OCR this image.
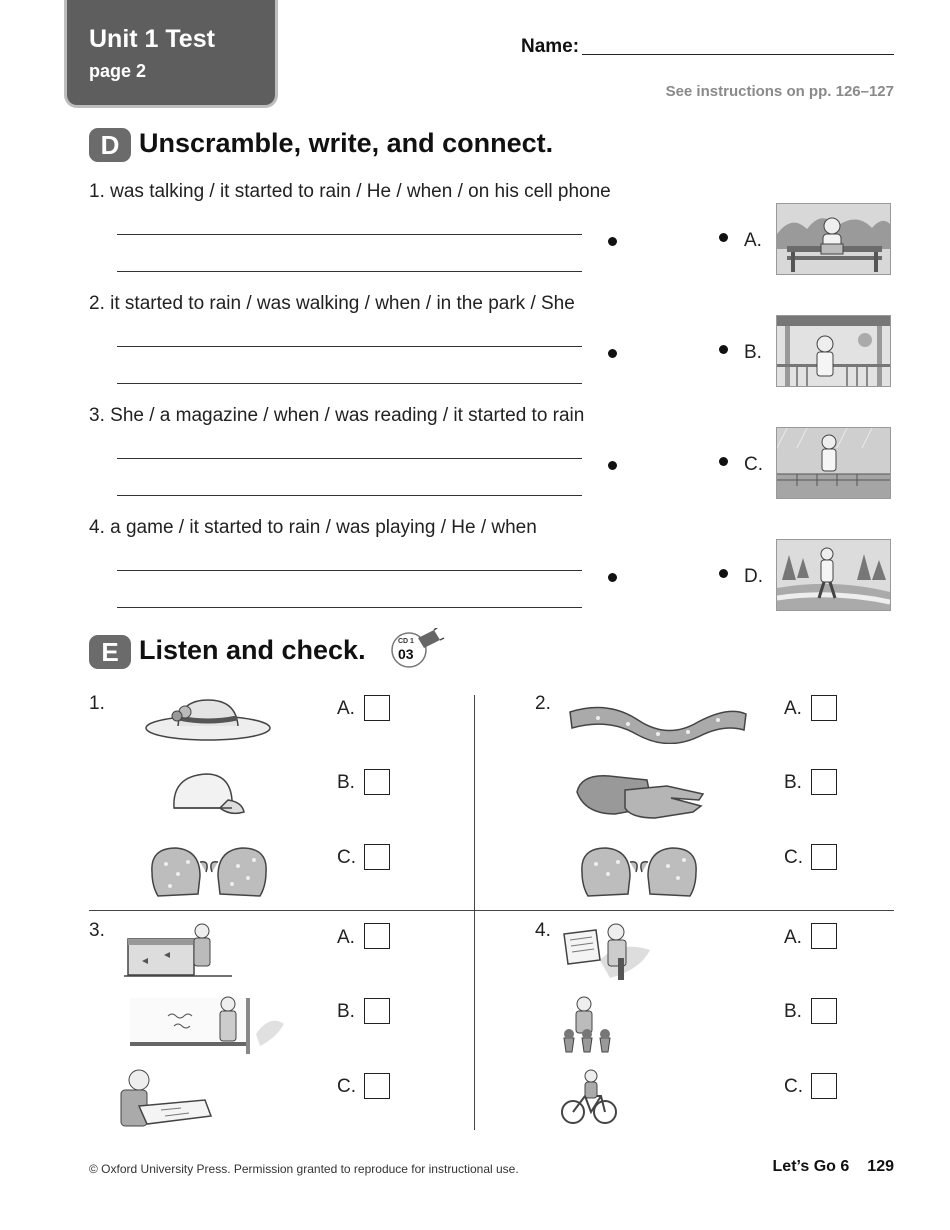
Unit 1 Test
page 2
Name:
See instructions on pp. 126–127
D Unscramble, write, and connect.
1. was talking / it started to rain / He / when / on his cell phone
2. it started to rain / was walking / when / in the park / She
3. She / a magazine / when / was reading / it started to rain
4. a game / it started to rain / was playing / He / when
A.
B.
C.
D.
E Listen and check.	CD 1
03
1.	A.
B.
C.
2.	A.
B.
C.
3.	A.
B.
C.
4.	A.
B.
C.
© Oxford University Press. Permission granted to reproduce for instructional use.	Let’s Go 6 129
